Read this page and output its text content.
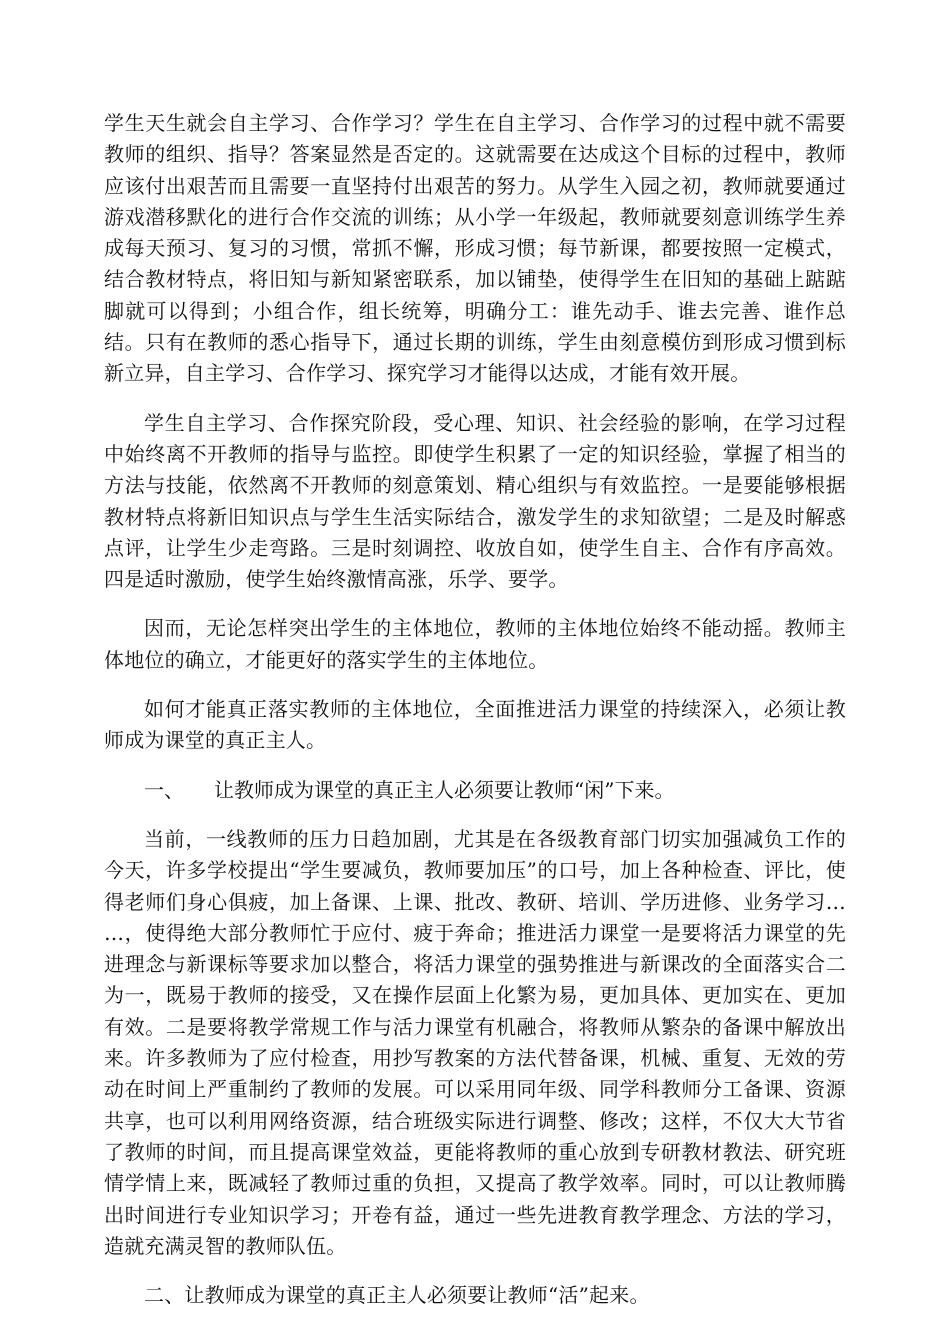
学生天生就会自主学习、合作学习？学生在自主学习、合作学习的过程中就不需要教师的组织、指导？答案显然是否定的。这就需要在达成这个目标的过程中，教师应该付出艰苦而且需要一直坚持付出艰苦的努力。从学生入园之初，教师就要通过游戏潜移默化的进行合作交流的训练；从小学一年级起，教师就要刻意训练学生养成每天预习、复习的习惯，常抓不懈，形成习惯；每节新课，都要按照一定模式，结合教材特点，将旧知与新知紧密联系，加以铺垫，使得学生在旧知的基础上踮踮脚就可以得到；小组合作，组长统筹，明确分工：谁先动手、谁去完善、谁作总结。只有在教师的悉心指导下，通过长期的训练，学生由刻意模仿到形成习惯到标新立异，自主学习、合作学习、探究学习才能得以达成，才能有效开展。

学生自主学习、合作探究阶段，受心理、知识、社会经验的影响，在学习过程中始终离不开教师的指导与监控。即使学生积累了一定的知识经验，掌握了相当的方法与技能，依然离不开教师的刻意策划、精心组织与有效监控。一是要能够根据教材特点将新旧知识点与学生生活实际结合，激发学生的求知欲望；二是及时解惑点评，让学生少走弯路。三是时刻调控、收放自如，使学生自主、合作有序高效。四是适时激励，使学生始终激情高涨，乐学、要学。

因而，无论怎样突出学生的主体地位，教师的主体地位始终不能动摇。教师主体地位的确立，才能更好的落实学生的主体地位。

如何才能真正落实教师的主体地位，全面推进活力课堂的持续深入，必须让教师成为课堂的真正主人。

一、 让教师成为课堂的真正主人必须要让教师“闲”下来。

当前，一线教师的压力日趋加剧，尤其是在各级教育部门切实加强减负工作的今天，许多学校提出“学生要减负，教师要加压”的口号，加上各种检查、评比，使得老师们身心俱疲，加上备课、上课、批改、教研、培训、学历进修、业务学习… …，使得绝大部分教师忙于应付、疲于奔命；推进活力课堂一是要将活力课堂的先进理念与新课标等要求加以整合，将活力课堂的强势推进与新课改的全面落实合二为一，既易于教师的接受，又在操作层面上化繁为易，更加具体、更加实在、更加有效。二是要将教学常规工作与活力课堂有机融合，将教师从繁杂的备课中解放出来。许多教师为了应付检查，用抄写教案的方法代替备课，机械、重复、无效的劳动在时间上严重制约了教师的发展。可以采用同年级、同学科教师分工备课、资源共享，也可以利用网络资源，结合班级实际进行调整、修改；这样，不仅大大节省了教师的时间，而且提高课堂效益，更能将教师的重心放到专研教材教法、研究班情学情上来，既减轻了教师过重的负担，又提高了教学效率。同时，可以让教师腾出时间进行专业知识学习；开卷有益，通过一些先进教育教学理念、方法的学习，造就充满灵智的教师队伍。

二、让教师成为课堂的真正主人必须要让教师“活”起来。
